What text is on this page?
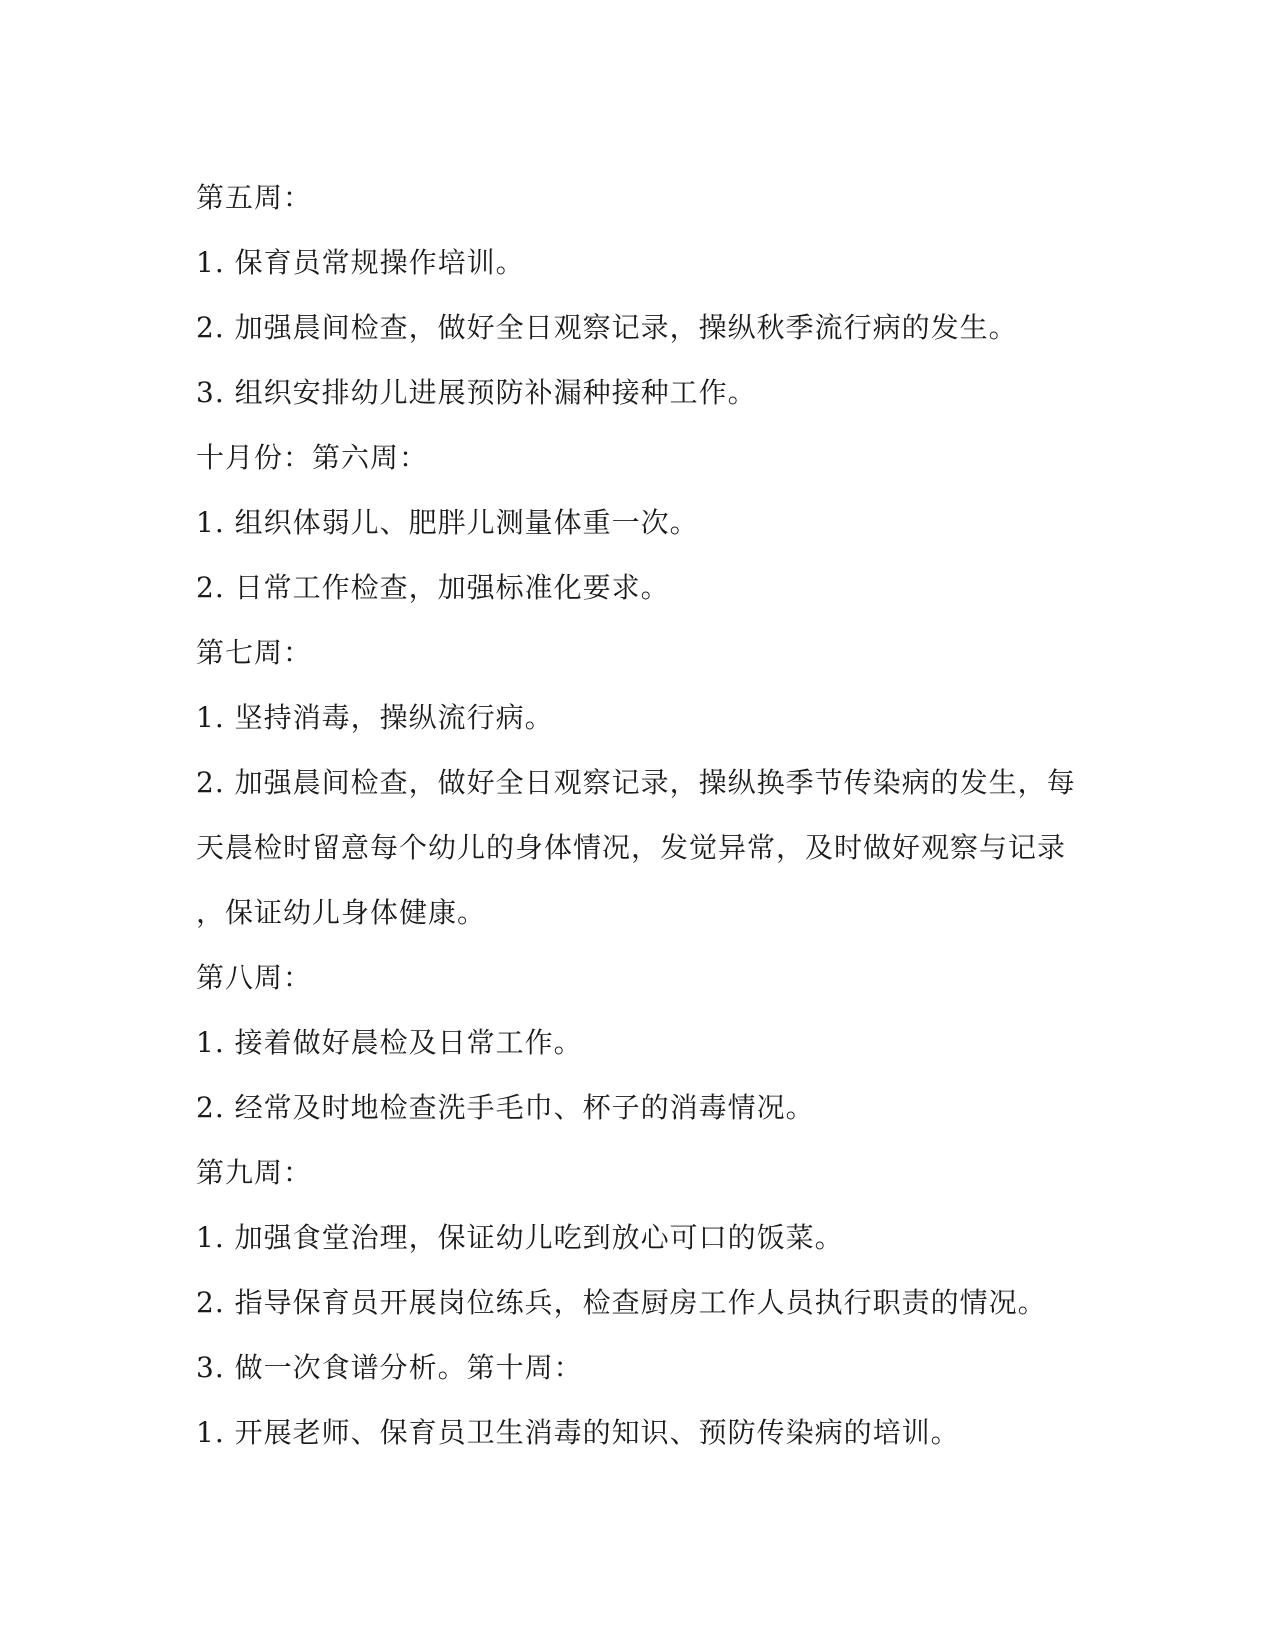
第五周：
1. 保育员常规操作培训。
2. 加强晨间检查，做好全日观察记录，操纵秋季流行病的发生。
3. 组织安排幼儿进展预防补漏种接种工作。
十月份：第六周：
1. 组织体弱儿、肥胖儿测量体重一次。
2. 日常工作检查，加强标准化要求。
第七周：
1. 坚持消毒，操纵流行病。
2. 加强晨间检查，做好全日观察记录，操纵换季节传染病的发生，每
天晨检时留意每个幼儿的身体情况，发觉异常，及时做好观察与记录
，保证幼儿身体健康。
第八周：
1. 接着做好晨检及日常工作。
2. 经常及时地检查洗手毛巾、杯子的消毒情况。
第九周：
1. 加强食堂治理，保证幼儿吃到放心可口的饭菜。
2. 指导保育员开展岗位练兵，检查厨房工作人员执行职责的情况。
3. 做一次食谱分析。第十周：
1. 开展老师、保育员卫生消毒的知识、预防传染病的培训。
